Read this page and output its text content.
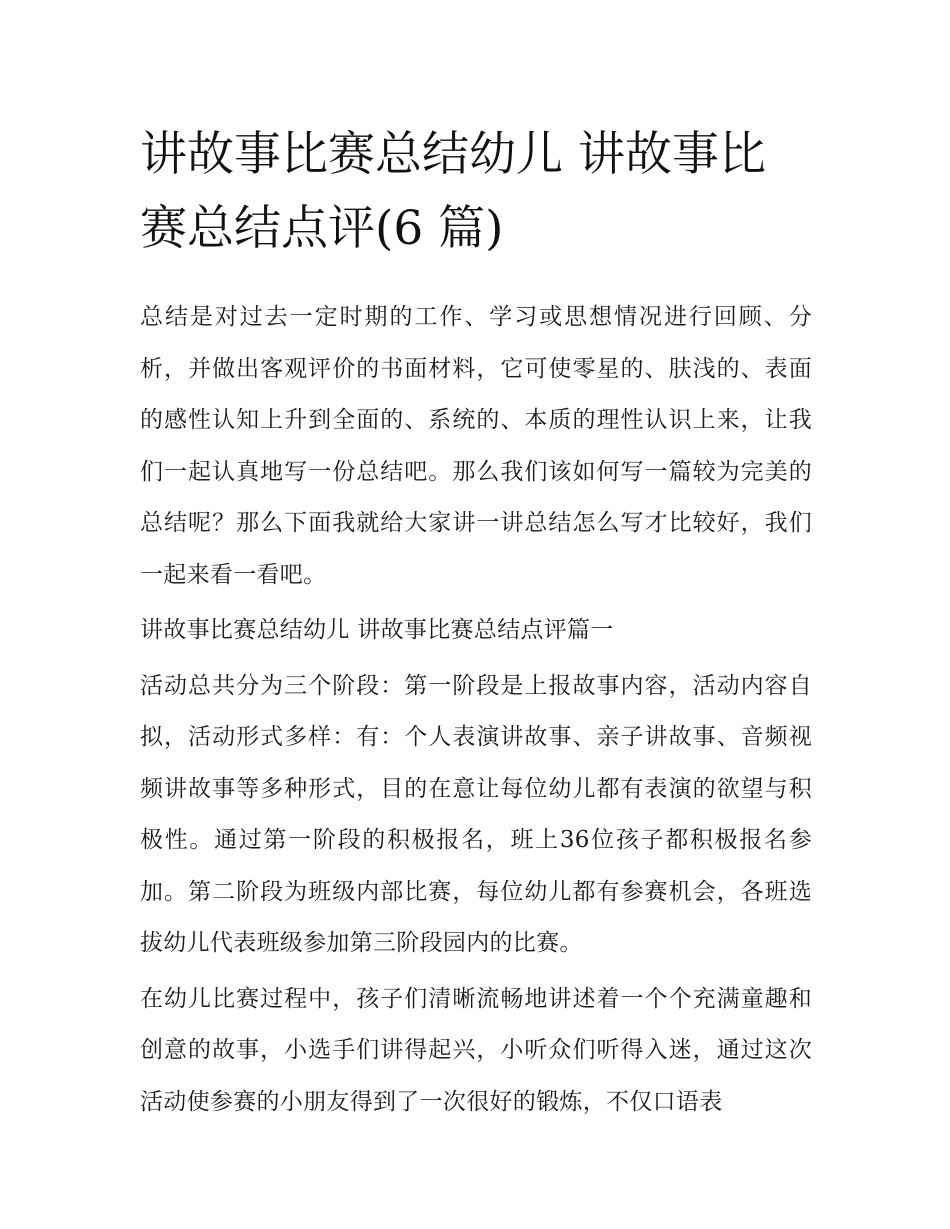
讲故事比赛总结幼儿 讲故事比赛总结点评(6 篇)

总结是对过去一定时期的工作、学习或思想情况进行回顾、分析，并做出客观评价的书面材料，它可使零星的、肤浅的、表面的感性认知上升到全面的、系统的、本质的理性认识上来，让我们一起认真地写一份总结吧。那么我们该如何写一篇较为完美的总结呢？那么下面我就给大家讲一讲总结怎么写才比较好，我们一起来看一看吧。

讲故事比赛总结幼儿 讲故事比赛总结点评篇一

活动总共分为三个阶段：第一阶段是上报故事内容，活动内容自拟，活动形式多样：有：个人表演讲故事、亲子讲故事、音频视频讲故事等多种形式，目的在意让每位幼儿都有表演的欲望与积极性。通过第一阶段的积极报名，班上36位孩子都积极报名参加。第二阶段为班级内部比赛，每位幼儿都有参赛机会，各班选拔幼儿代表班级参加第三阶段园内的比赛。

在幼儿比赛过程中，孩子们清晰流畅地讲述着一个个充满童趣和创意的故事，小选手们讲得起兴，小听众们听得入迷，通过这次活动使参赛的小朋友得到了一次很好的锻炼，不仅口语表
